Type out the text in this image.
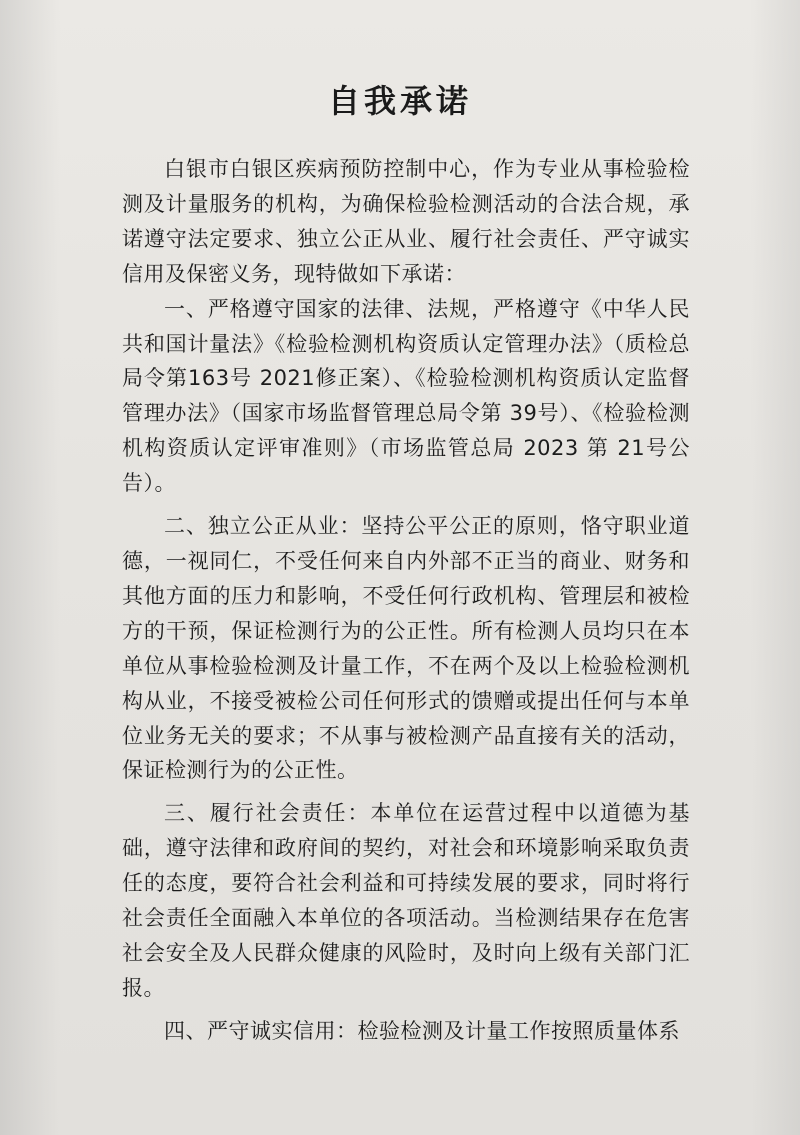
自我承诺

白银市白银区疾病预防控制中心，作为专业从事检验检测及计量服务的机构，为确保检验检测活动的合法合规，承诺遵守法定要求、独立公正从业、履行社会责任、严守诚实信用及保密义务，现特做如下承诺：

一、严格遵守国家的法律、法规，严格遵守《中华人民共和国计量法》《检验检测机构资质认定管理办法》（质检总局令第163号 2021修正案）、《检验检测机构资质认定监督管理办法》（国家市场监督管理总局令第 39号）、《检验检测机构资质认定评审准则》（市场监管总局 2023 第 21号公告）。

二、独立公正从业：坚持公平公正的原则，恪守职业道德，一视同仁，不受任何来自内外部不正当的商业、财务和其他方面的压力和影响，不受任何行政机构、管理层和被检方的干预，保证检测行为的公正性。所有检测人员均只在本单位从事检验检测及计量工作，不在两个及以上检验检测机构从业，不接受被检公司任何形式的馈赠或提出任何与本单位业务无关的要求；不从事与被检测产品直接有关的活动，保证检测行为的公正性。

三、履行社会责任：本单位在运营过程中以道德为基础，遵守法律和政府间的契约，对社会和环境影响采取负责任的态度，要符合社会利益和可持续发展的要求，同时将行社会责任全面融入本单位的各项活动。当检测结果存在危害社会安全及人民群众健康的风险时，及时向上级有关部门汇报。

四、严守诚实信用：检验检测及计量工作按照质量体系
